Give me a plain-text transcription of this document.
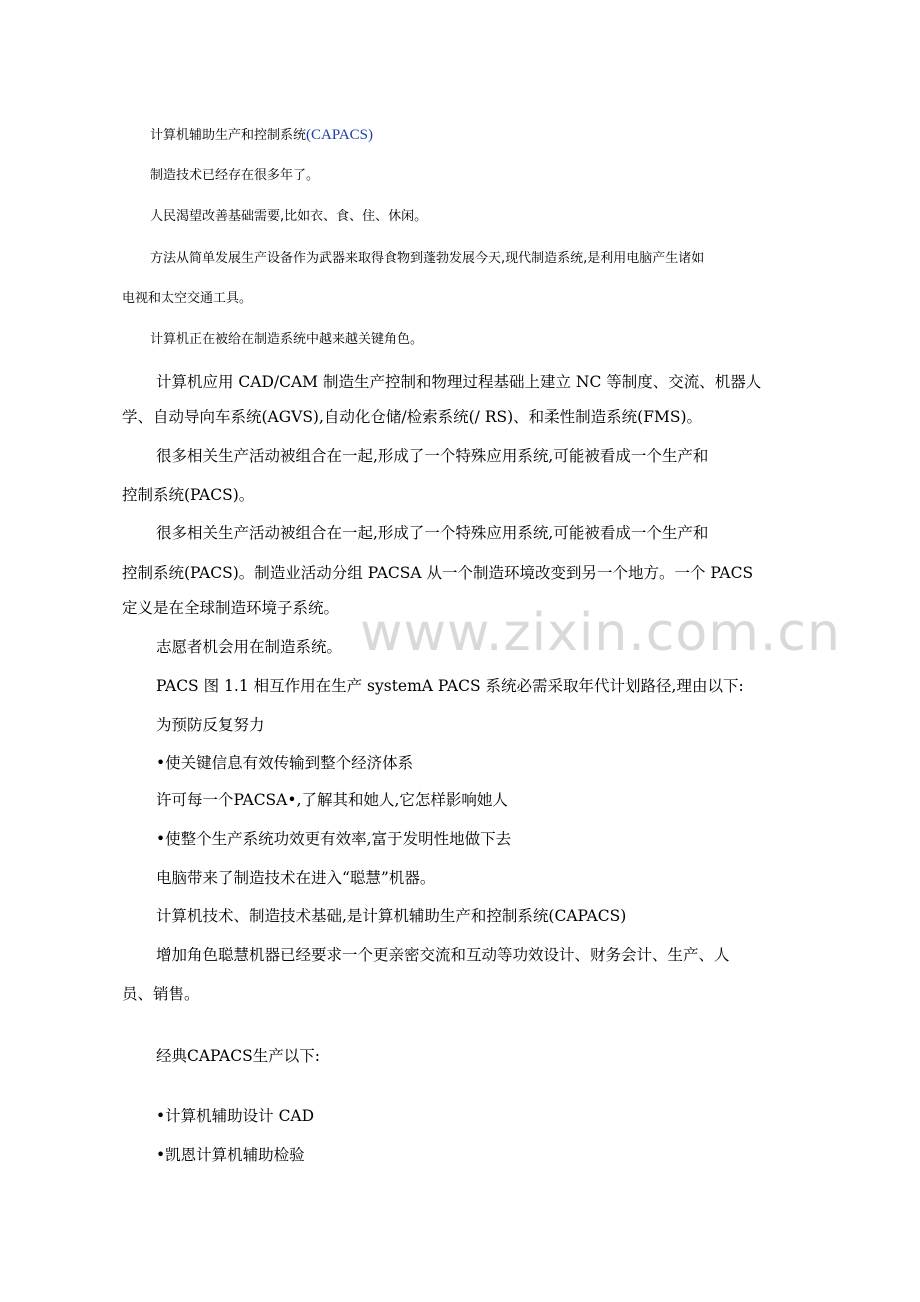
www.zixin.com.cn

计算机辅助生产和控制系统(CAPACS)

制造技术已经存在很多年了。

人民渴望改善基础需要,比如衣、食、住、休闲。

方法从简单发展生产设备作为武器来取得食物到蓬勃发展今天,现代制造系统,是利用电脑产生诸如

电视和太空交通工具。

计算机正在被给在制造系统中越来越关键角色。

计算机应用 CAD/CAM 制造生产控制和物理过程基础上建立 NC 等制度、交流、机器人

学、自动导向车系统(AGVS),自动化仓储/检索系统(/ RS)、和柔性制造系统(FMS)。

很多相关生产活动被组合在一起,形成了一个特殊应用系统,可能被看成一个生产和

控制系统(PACS)。

很多相关生产活动被组合在一起,形成了一个特殊应用系统,可能被看成一个生产和

控制系统(PACS)。制造业活动分组 PACSA 从一个制造环境改变到另一个地方。一个 PACS

定义是在全球制造环境子系统。

志愿者机会用在制造系统。

PACS 图 1.1 相互作用在生产 systemA PACS 系统必需采取年代计划路径,理由以下:

为预防反复努力

•使关键信息有效传输到整个经济体系

许可每一个PACSA•,了解其和她人,它怎样影响她人

•使整个生产系统功效更有效率,富于发明性地做下去

电脑带来了制造技术在进入“聪慧”机器。

计算机技术、制造技术基础,是计算机辅助生产和控制系统(CAPACS)

增加角色聪慧机器已经要求一个更亲密交流和互动等功效设计、财务会计、生产、人

员、销售。

经典CAPACS生产以下:

•计算机辅助设计 CAD

•凯恩计算机辅助检验
